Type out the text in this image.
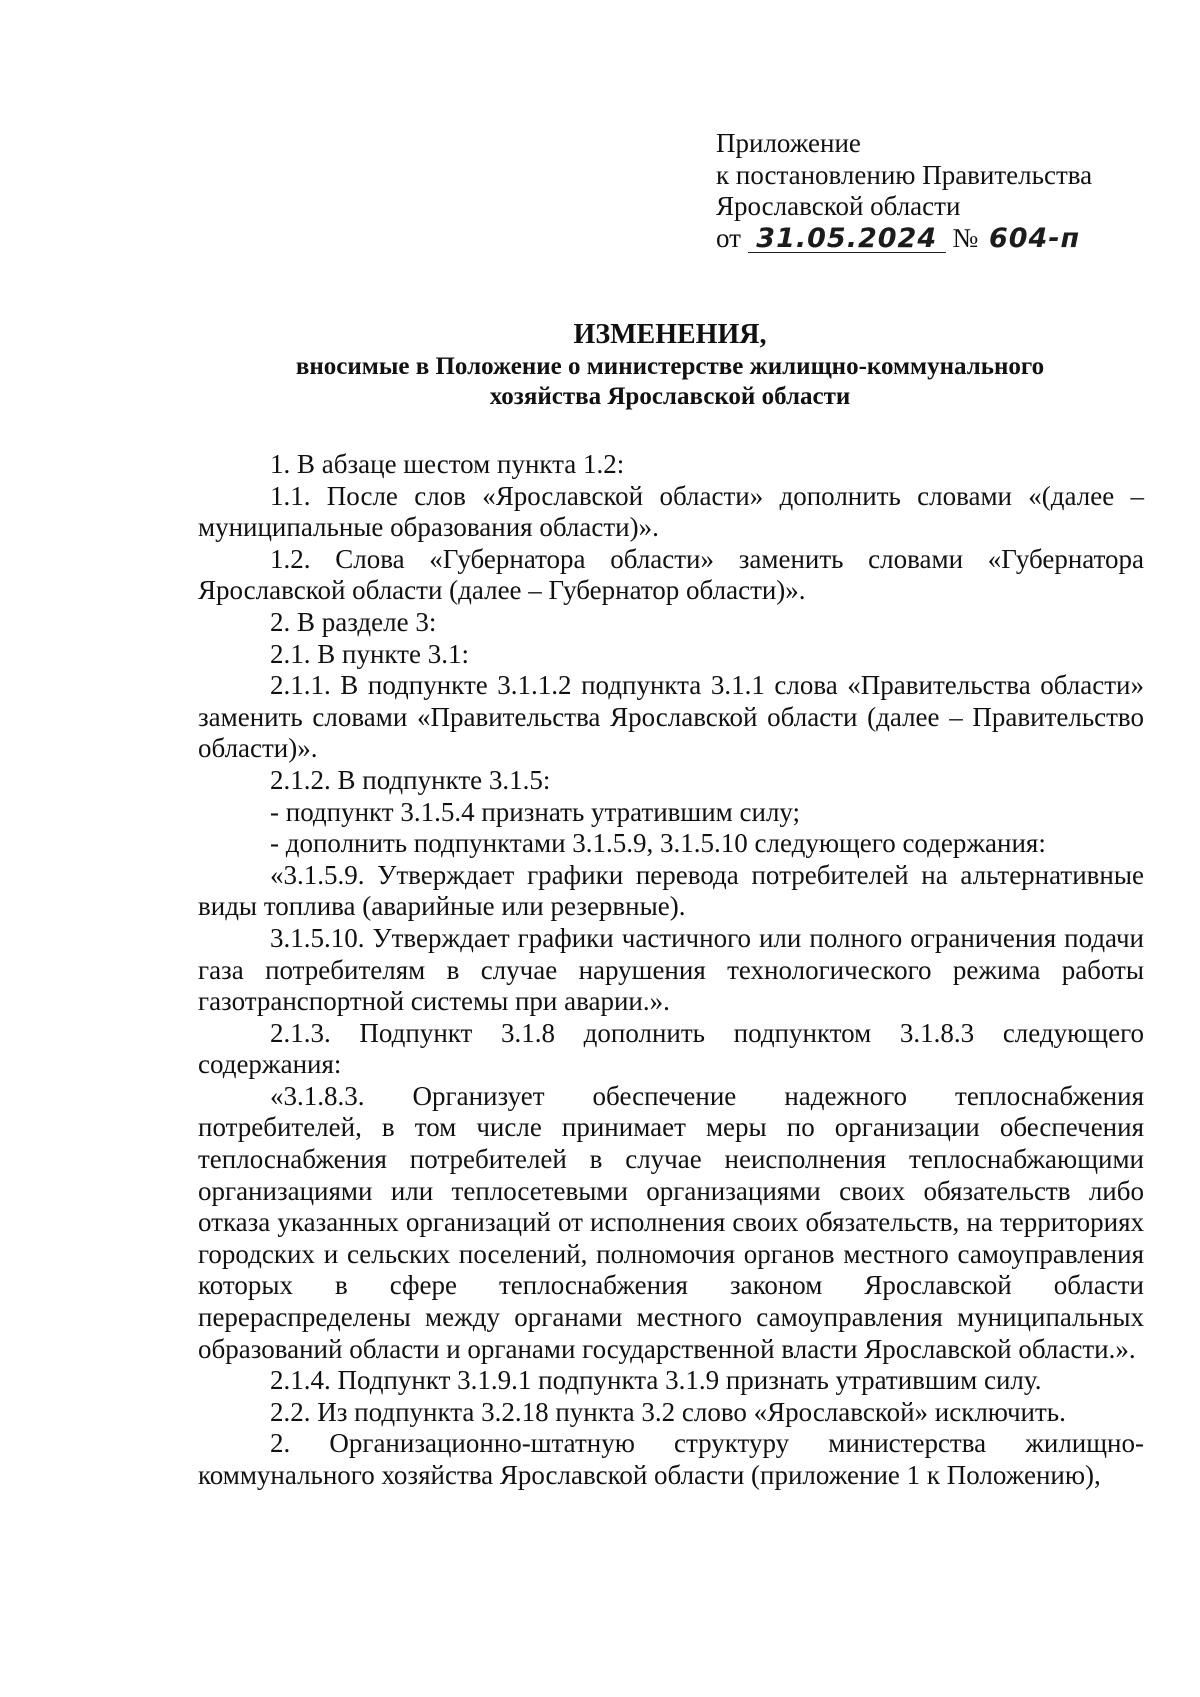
Приложение
к постановлению Правительства
Ярославской области
от 31.05.2024 № 604-п
ИЗМЕНЕНИЯ,
вносимые в Положение о министерстве жилищно-коммунального
хозяйства Ярославской области

1. В абзаце шестом пункта 1.2:

1.1. После слов «Ярославской области» дополнить словами «(далее – муниципальные образования области)».

1.2. Слова «Губернатора области» заменить словами «Губернатора Ярославской области (далее – Губернатор области)».

2. В разделе 3:

2.1. В пункте 3.1:

2.1.1. В подпункте 3.1.1.2 подпункта 3.1.1 слова «Правительства области» заменить словами «Правительства Ярославской области (далее – Правительство области)».

2.1.2. В подпункте 3.1.5:

- подпункт 3.1.5.4 признать утратившим силу;

- дополнить подпунктами 3.1.5.9, 3.1.5.10 следующего содержания:

«3.1.5.9. Утверждает графики перевода потребителей на альтернативные виды топлива (аварийные или резервные).

3.1.5.10. Утверждает графики частичного или полного ограничения подачи газа потребителям в случае нарушения технологического режима работы газотранспортной системы при аварии.».

2.1.3. Подпункт 3.1.8 дополнить подпунктом 3.1.8.3 следующего содержания:

«3.1.8.3. Организует обеспечение надежного теплоснабжения потребителей, в том числе принимает меры по организации обеспечения теплоснабжения потребителей в случае неисполнения теплоснабжающими организациями или теплосетевыми организациями своих обязательств либо отказа указанных организаций от исполнения своих обязательств, на территориях городских и сельских поселений, полномочия органов местного самоуправления которых в сфере теплоснабжения законом Ярославской области перераспределены между органами местного самоуправления муниципальных образований области и органами государственной власти Ярославской области.».

2.1.4. Подпункт 3.1.9.1 подпункта 3.1.9 признать утратившим силу.

2.2. Из подпункта 3.2.18 пункта 3.2 слово «Ярославской» исключить.

2. Организационно-штатную структуру министерства жилищно-коммунального хозяйства Ярославской области (приложение 1 к Положению),
